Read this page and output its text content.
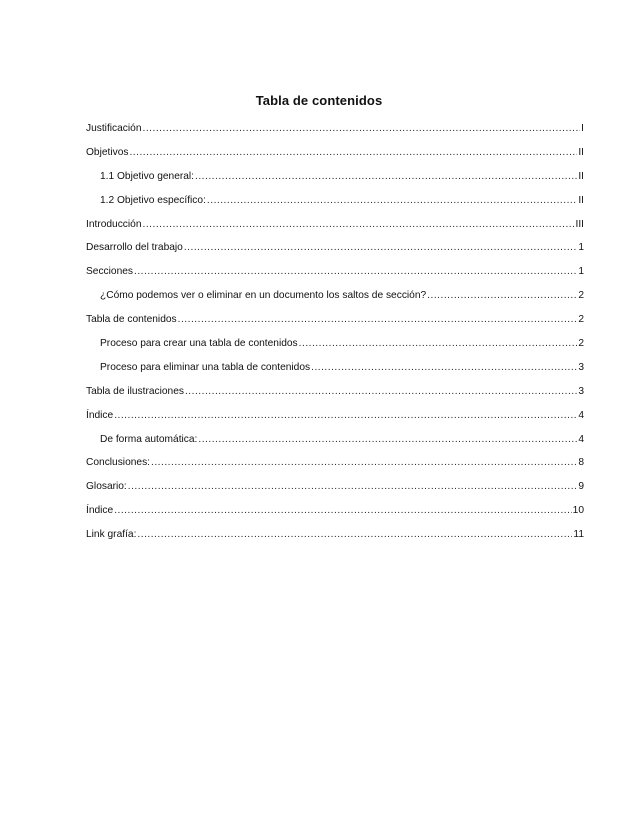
Tabla de contenidos
Justificación .....	I
Objetivos .....	II
1.1 Objetivo general: .....	II
1.2 Objetivo específico: .....	II
Introducción .....	III
Desarrollo del trabajo .....	1
Secciones .....	1
¿Cómo podemos ver o eliminar en un documento los saltos de sección? .....	2
Tabla de contenidos .....	2
Proceso para crear una tabla de contenidos .....	2
Proceso para eliminar una tabla de contenidos .....	3
Tabla de ilustraciones .....	3
Índice .....	4
De forma automática: .....	4
Conclusiones: .....	8
Glosario: .....	9
Índice .....	10
Link grafía: .....	11
